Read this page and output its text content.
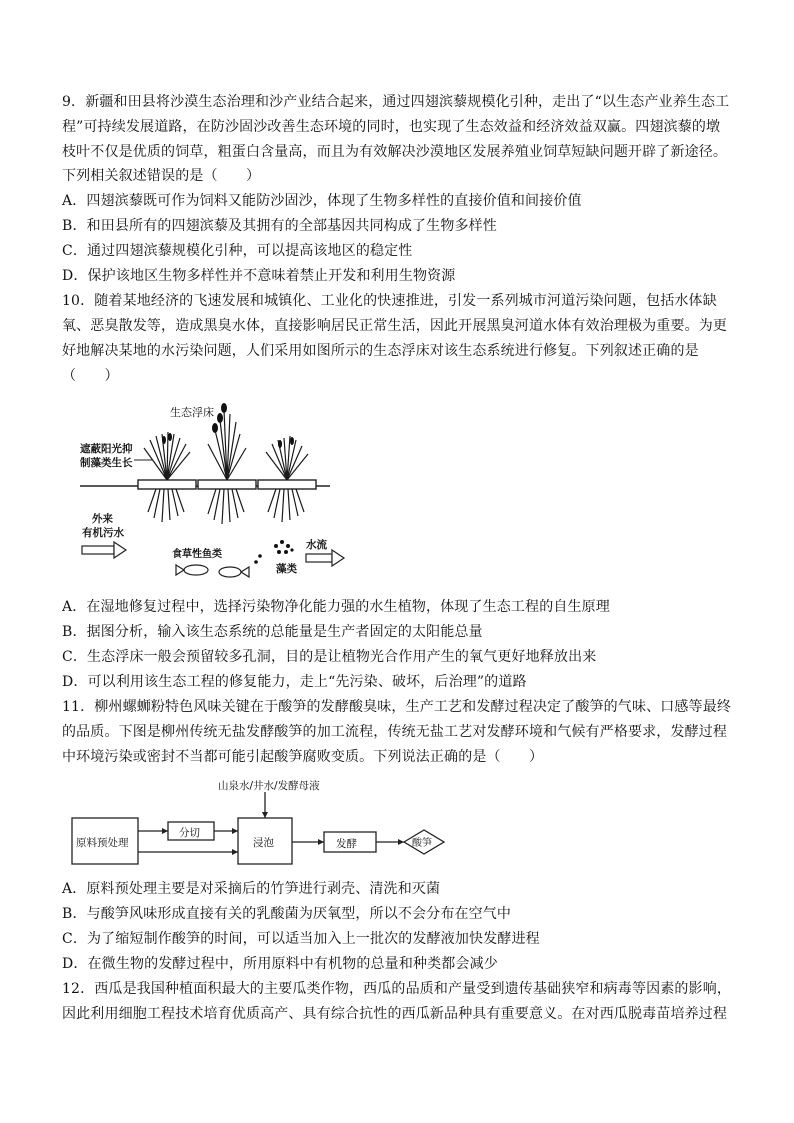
9．新疆和田县将沙漠生态治理和沙产业结合起来，通过四翅滨藜规模化引种，走出了“以生态产业养生态工
程”可持续发展道路，在防沙固沙改善生态环境的同时，也实现了生态效益和经济效益双赢。四翅滨藜的墩
枝叶不仅是优质的饲草，粗蛋白含量高，而且为有效解决沙漠地区发展养殖业饲草短缺问题开辟了新途径。
下列相关叙述错误的是（　　）
A．四翅滨藜既可作为饲料又能防沙固沙，体现了生物多样性的直接价值和间接价值
B．和田县所有的四翅滨藜及其拥有的全部基因共同构成了生物多样性
C．通过四翅滨藜规模化引种，可以提高该地区的稳定性
D．保护该地区生物多样性并不意味着禁止开发和利用生物资源
10．随着某地经济的飞速发展和城镇化、工业化的快速推进，引发一系列城市河道污染问题，包括水体缺
氧、恶臭散发等，造成黑臭水体，直接影响居民正常生活，因此开展黑臭河道水体有效治理极为重要。为更
好地解决某地的水污染问题，人们采用如图所示的生态浮床对该生态系统进行修复。下列叙述正确的是
（　　）
生态浮床
遮蔽阳光抑
制藻类生长
外来
有机污水
水流
食草性鱼类
藻类
A．在湿地修复过程中，选择污染物净化能力强的水生植物，体现了生态工程的自生原理
B．据图分析，输入该生态系统的总能量是生产者固定的太阳能总量
C．生态浮床一般会预留较多孔洞，目的是让植物光合作用产生的氧气更好地释放出来
D．可以利用该生态工程的修复能力，走上“先污染、破坏，后治理”的道路
11．柳州螺蛳粉特色风味关键在于酸笋的发酵酸臭味，生产工艺和发酵过程决定了酸笋的气味、口感等最终
的品质。下图是柳州传统无盐发酵酸笋的加工流程，传统无盐工艺对发酵环境和气候有严格要求，发酵过程
中环境污染或密封不当都可能引起酸笋腐败变质。下列说法正确的是（　　）
山泉水/井水/发酵母液
原料预处理
分切
浸泡	发酵	酸笋
A．原料预处理主要是对采摘后的竹笋进行剥壳、清洗和灭菌
B．与酸笋风味形成直接有关的乳酸菌为厌氧型，所以不会分布在空气中
C．为了缩短制作酸笋的时间，可以适当加入上一批次的发酵液加快发酵进程
D．在微生物的发酵过程中，所用原料中有机物的总量和种类都会减少
12．西瓜是我国种植面积最大的主要瓜类作物，西瓜的品质和产量受到遗传基础狭窄和病毒等因素的影响，
因此利用细胞工程技术培育优质高产、具有综合抗性的西瓜新品种具有重要意义。在对西瓜脱毒苗培养过程
